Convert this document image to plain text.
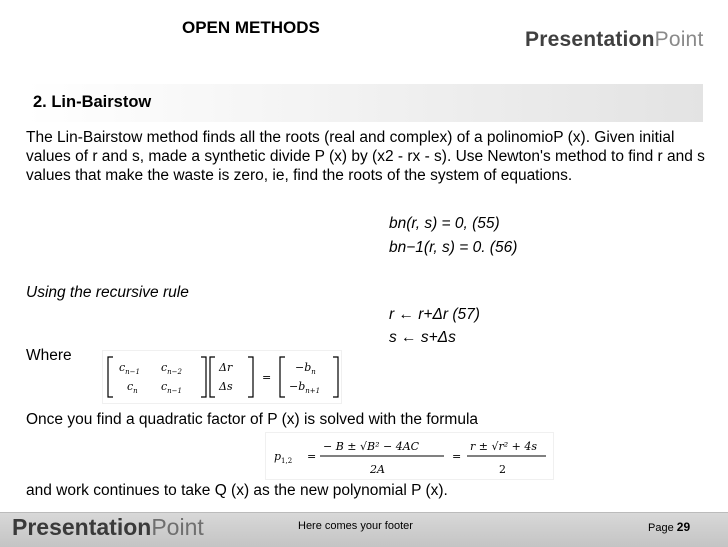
OPEN METHODS
PresentationPoint
2. Lin-Bairstow
The Lin-Bairstow method finds all the roots (real and complex) of a polinomioP (x). Given initial values of r and s, made a synthetic divide P (x) by (x2 - rx - s). Use Newton's method to find r and s values that make the waste is zero, ie, find the roots of the system of equations.
bn(r, s) = 0, (55)
bn−1(r, s) = 0. (56)
Using the recursive rule
r ← r+Δr (57)
s ← s+Δs
Where
$c_{n-1}$ $c_{n-2}$
$c_n$ $c_{n-1}$
Δr
Δs
=
$-b_n$
$-b_{n+1}$
Once you find a quadratic factor of P (x) is solved with the formula
$p_{1,2}$ =
− B ± √B² − 4AC
2A
=
r ± √r² + 4s
2
and work continues to take Q (x) as the new polynomial P (x).
PresentationPoint	Here comes your footer	Page 29
